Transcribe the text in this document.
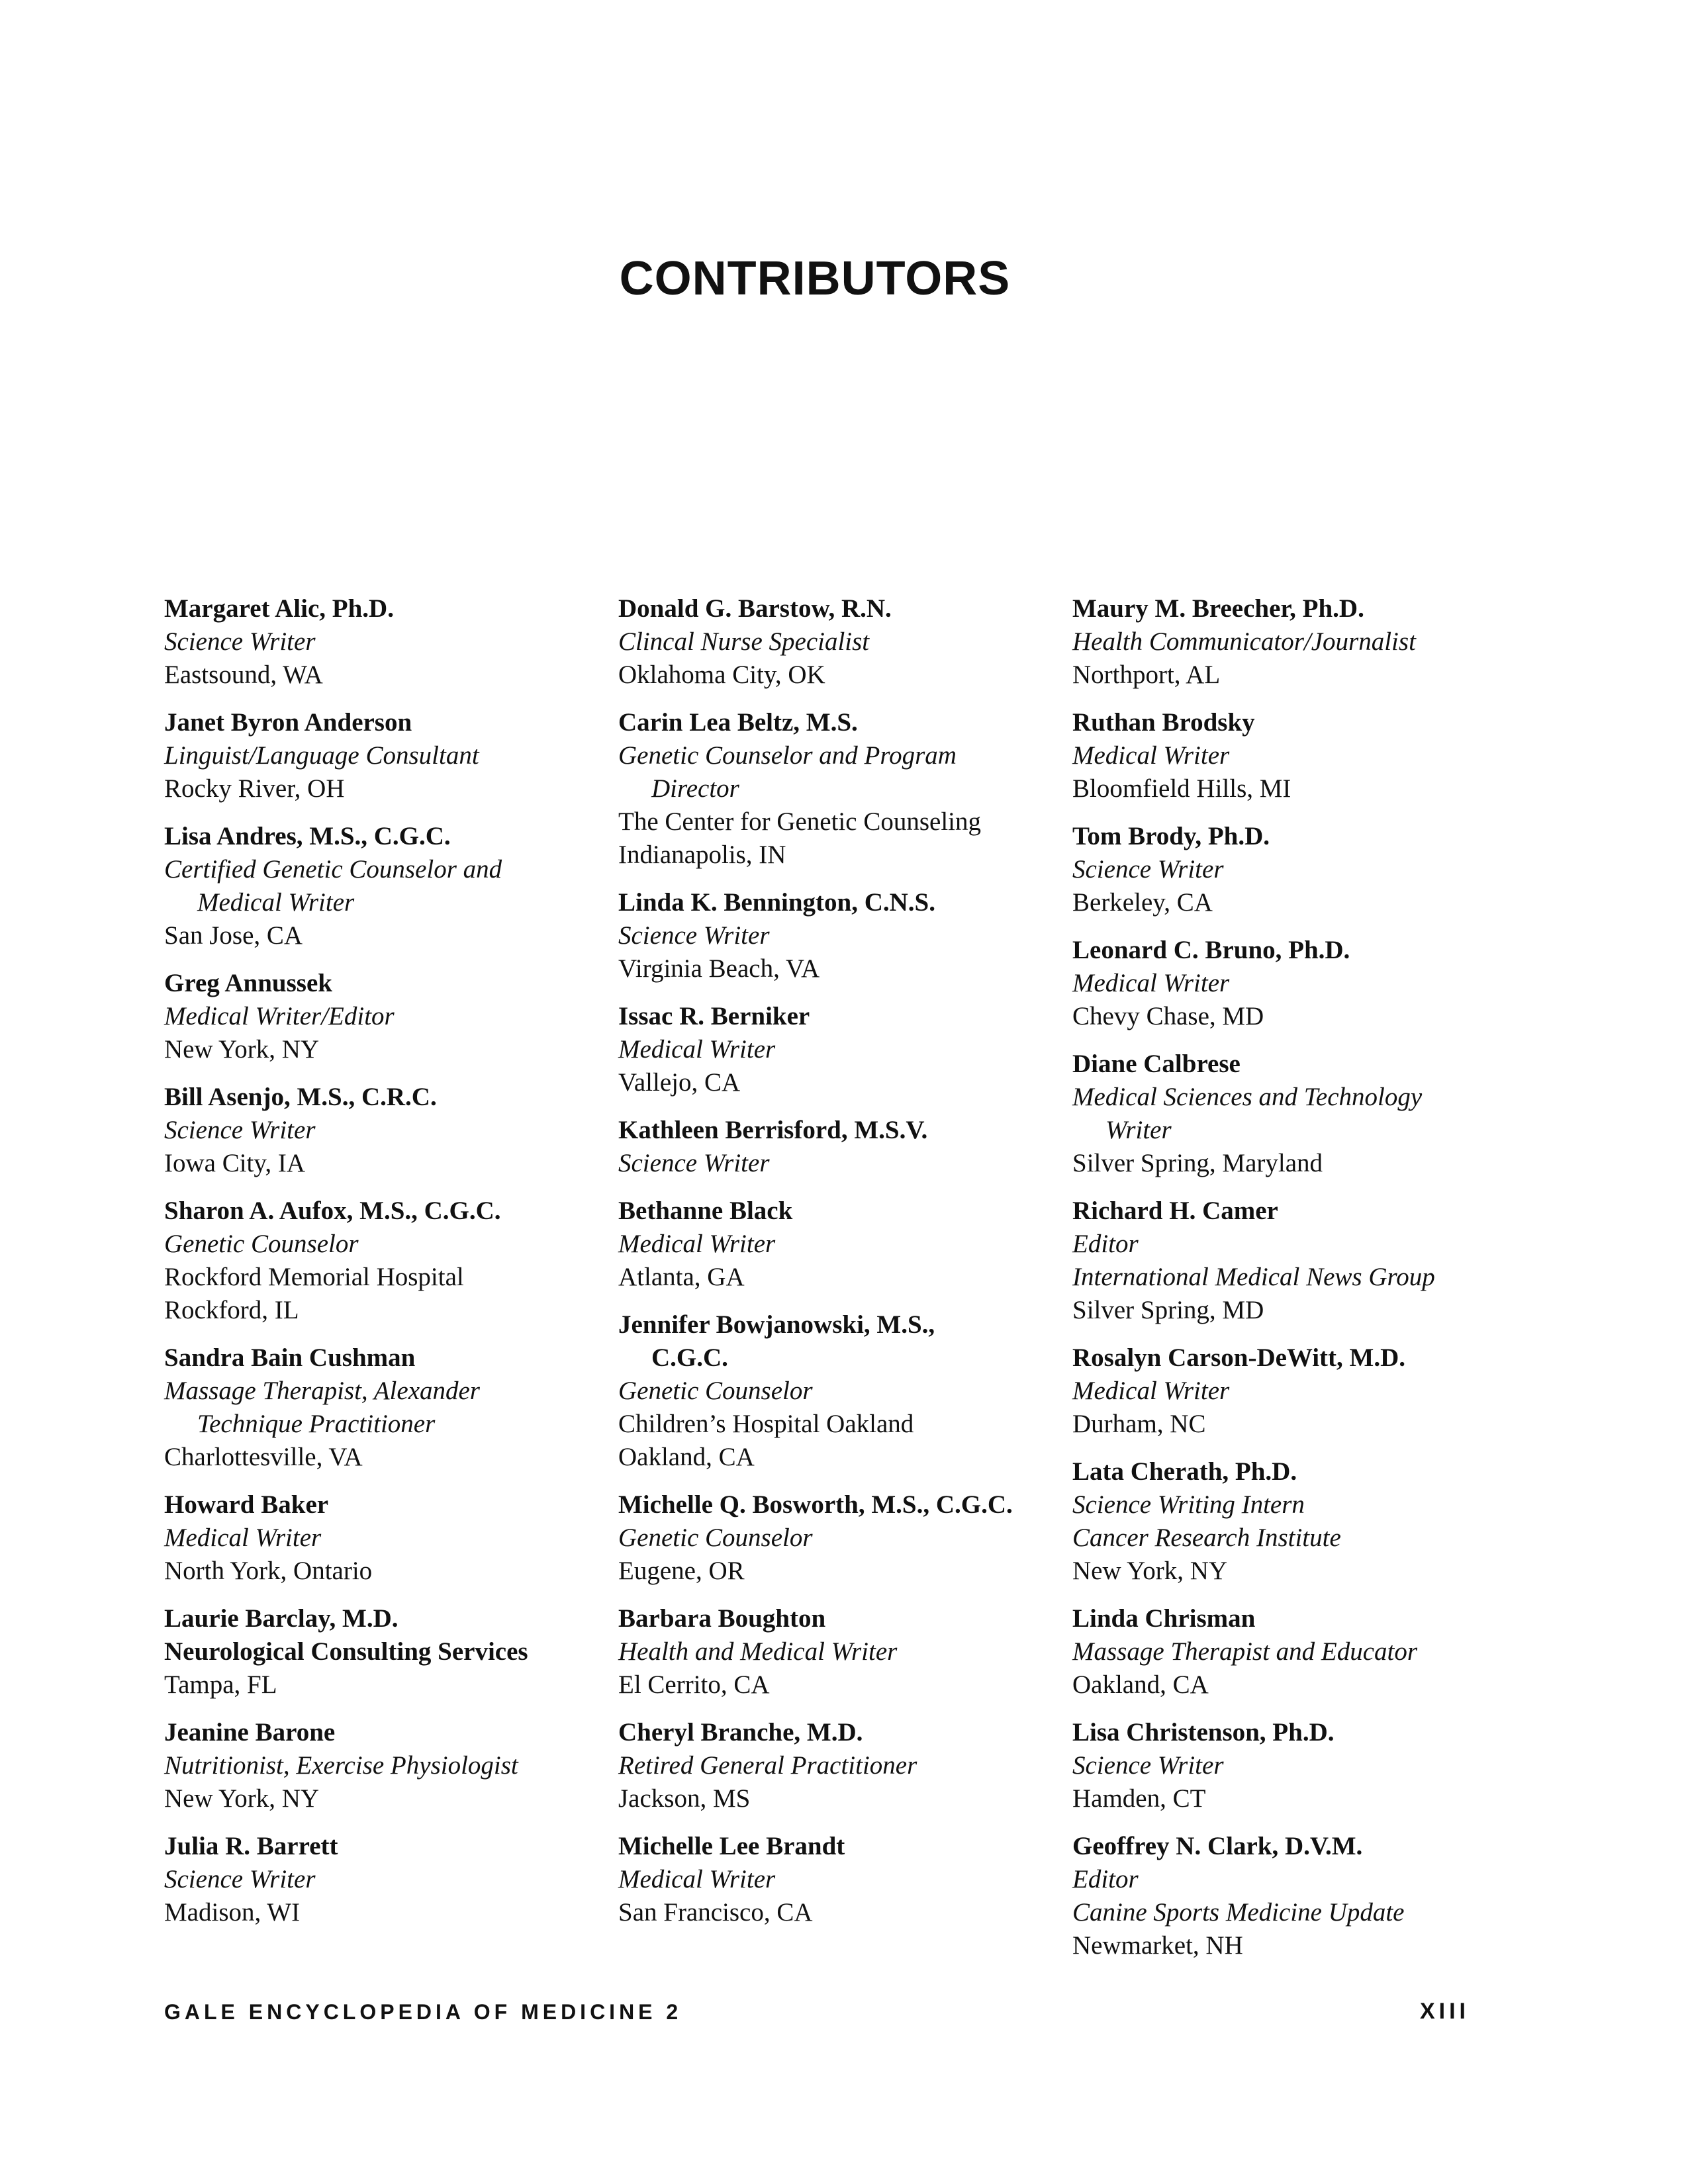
CONTRIBUTORS
Margaret Alic, Ph.D.
Science Writer
Eastsound, WA
Janet Byron Anderson
Linguist/Language Consultant
Rocky River, OH
Lisa Andres, M.S., C.G.C.
Certified Genetic Counselor and
Medical Writer
San Jose, CA
Greg Annussek
Medical Writer/Editor
New York, NY
Bill Asenjo, M.S., C.R.C.
Science Writer
Iowa City, IA
Sharon A. Aufox, M.S., C.G.C.
Genetic Counselor
Rockford Memorial Hospital
Rockford, IL
Sandra Bain Cushman
Massage Therapist, Alexander
Technique Practitioner
Charlottesville, VA
Howard Baker
Medical Writer
North York, Ontario
Laurie Barclay, M.D.
Neurological Consulting Services
Tampa, FL
Jeanine Barone
Nutritionist, Exercise Physiologist
New York, NY
Julia R. Barrett
Science Writer
Madison, WI
Donald G. Barstow, R.N.
Clincal Nurse Specialist
Oklahoma City, OK
Carin Lea Beltz, M.S.
Genetic Counselor and Program
Director
The Center for Genetic Counseling
Indianapolis, IN
Linda K. Bennington, C.N.S.
Science Writer
Virginia Beach, VA
Issac R. Berniker
Medical Writer
Vallejo, CA
Kathleen Berrisford, M.S.V.
Science Writer
Bethanne Black
Medical Writer
Atlanta, GA
Jennifer Bowjanowski, M.S.,
C.G.C.
Genetic Counselor
Children’s Hospital Oakland
Oakland, CA
Michelle Q. Bosworth, M.S., C.G.C.
Genetic Counselor
Eugene, OR
Barbara Boughton
Health and Medical Writer
El Cerrito, CA
Cheryl Branche, M.D.
Retired General Practitioner
Jackson, MS
Michelle Lee Brandt
Medical Writer
San Francisco, CA
Maury M. Breecher, Ph.D.
Health Communicator/Journalist
Northport, AL
Ruthan Brodsky
Medical Writer
Bloomfield Hills, MI
Tom Brody, Ph.D.
Science Writer
Berkeley, CA
Leonard C. Bruno, Ph.D.
Medical Writer
Chevy Chase, MD
Diane Calbrese
Medical Sciences and Technology
Writer
Silver Spring, Maryland
Richard H. Camer
Editor
International Medical News Group
Silver Spring, MD
Rosalyn Carson-DeWitt, M.D.
Medical Writer
Durham, NC
Lata Cherath, Ph.D.
Science Writing Intern
Cancer Research Institute
New York, NY
Linda Chrisman
Massage Therapist and Educator
Oakland, CA
Lisa Christenson, Ph.D.
Science Writer
Hamden, CT
Geoffrey N. Clark, D.V.M.
Editor
Canine Sports Medicine Update
Newmarket, NH
GALE ENCYCLOPEDIA OF MEDICINE 2	XIII
